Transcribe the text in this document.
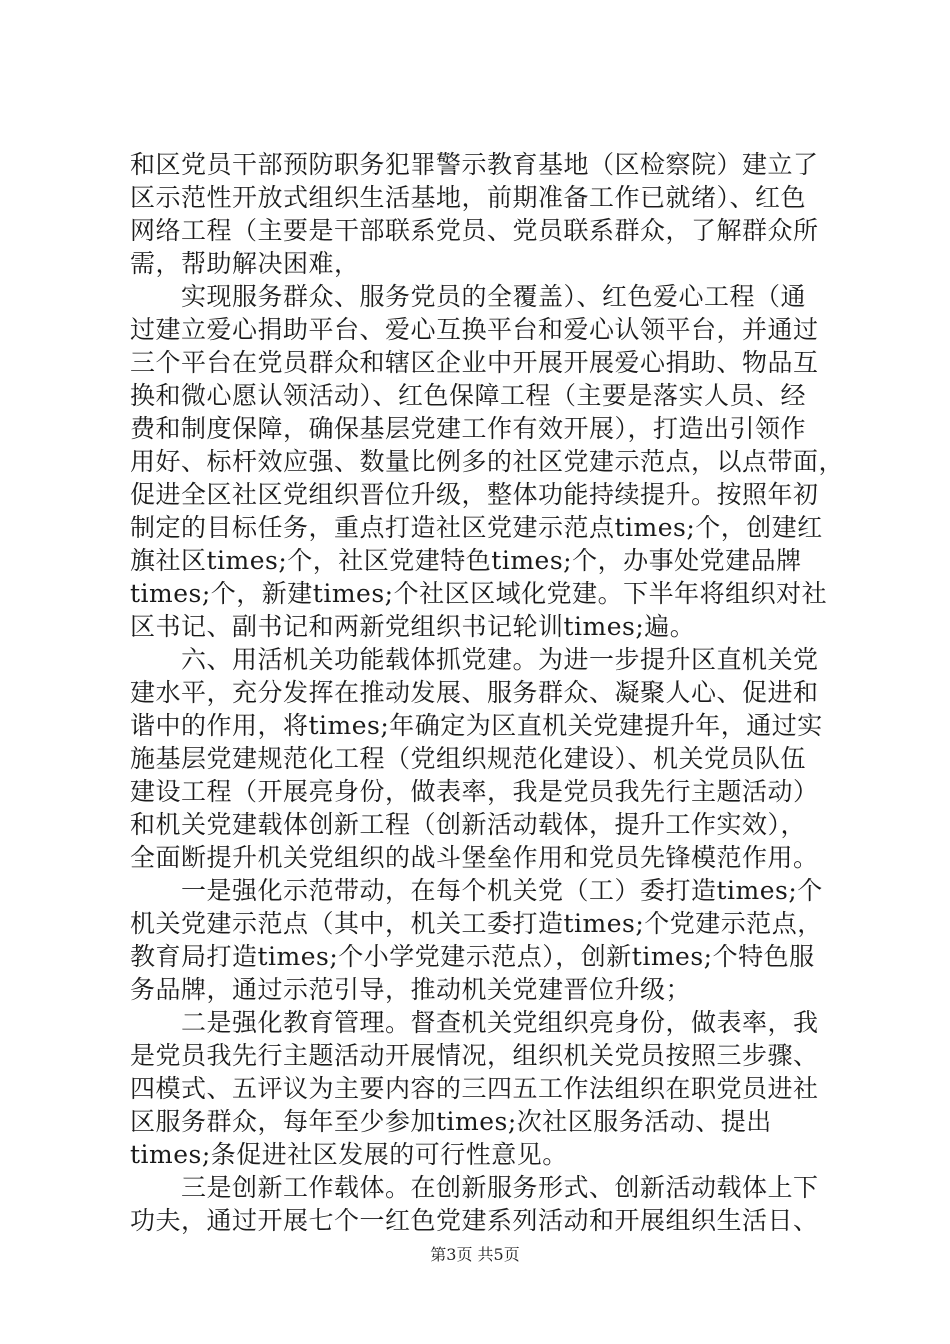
和区党员干部预防职务犯罪警示教育基地（区检察院）建立了
区示范性开放式组织生活基地，前期准备工作已就绪）、红色
网络工程（主要是干部联系党员、党员联系群众，了解群众所
需，帮助解决困难，
　　实现服务群众、服务党员的全覆盖）、红色爱心工程（通
过建立爱心捐助平台、爱心互换平台和爱心认领平台，并通过
三个平台在党员群众和辖区企业中开展开展爱心捐助、物品互
换和微心愿认领活动）、红色保障工程（主要是落实人员、经
费和制度保障，确保基层党建工作有效开展），打造出引领作
用好、标杆效应强、数量比例多的社区党建示范点，以点带面，
促进全区社区党组织晋位升级，整体功能持续提升。按照年初
制定的目标任务，重点打造社区党建示范点times;个，创建红
旗社区times;个，社区党建特色times;个，办事处党建品牌
times;个，新建times;个社区区域化党建。下半年将组织对社
区书记、副书记和两新党组织书记轮训times;遍。
　　六、用活机关功能载体抓党建。为进一步提升区直机关党
建水平，充分发挥在推动发展、服务群众、凝聚人心、促进和
谐中的作用，将times;年确定为区直机关党建提升年，通过实
施基层党建规范化工程（党组织规范化建设）、机关党员队伍
建设工程（开展亮身份，做表率，我是党员我先行主题活动）
和机关党建载体创新工程（创新活动载体，提升工作实效），
全面断提升机关党组织的战斗堡垒作用和党员先锋模范作用。
　　一是强化示范带动，在每个机关党（工）委打造times;个
机关党建示范点（其中，机关工委打造times;个党建示范点，
教育局打造times;个小学党建示范点），创新times;个特色服
务品牌，通过示范引导，推动机关党建晋位升级；
　　二是强化教育管理。督查机关党组织亮身份，做表率，我
是党员我先行主题活动开展情况，组织机关党员按照三步骤、
四模式、五评议为主要内容的三四五工作法组织在职党员进社
区服务群众，每年至少参加times;次社区服务活动、提出
times;条促进社区发展的可行性意见。
　　三是创新工作载体。在创新服务形式、创新活动载体上下
功夫，通过开展七个一红色党建系列活动和开展组织生活日、
第3页 共5页
